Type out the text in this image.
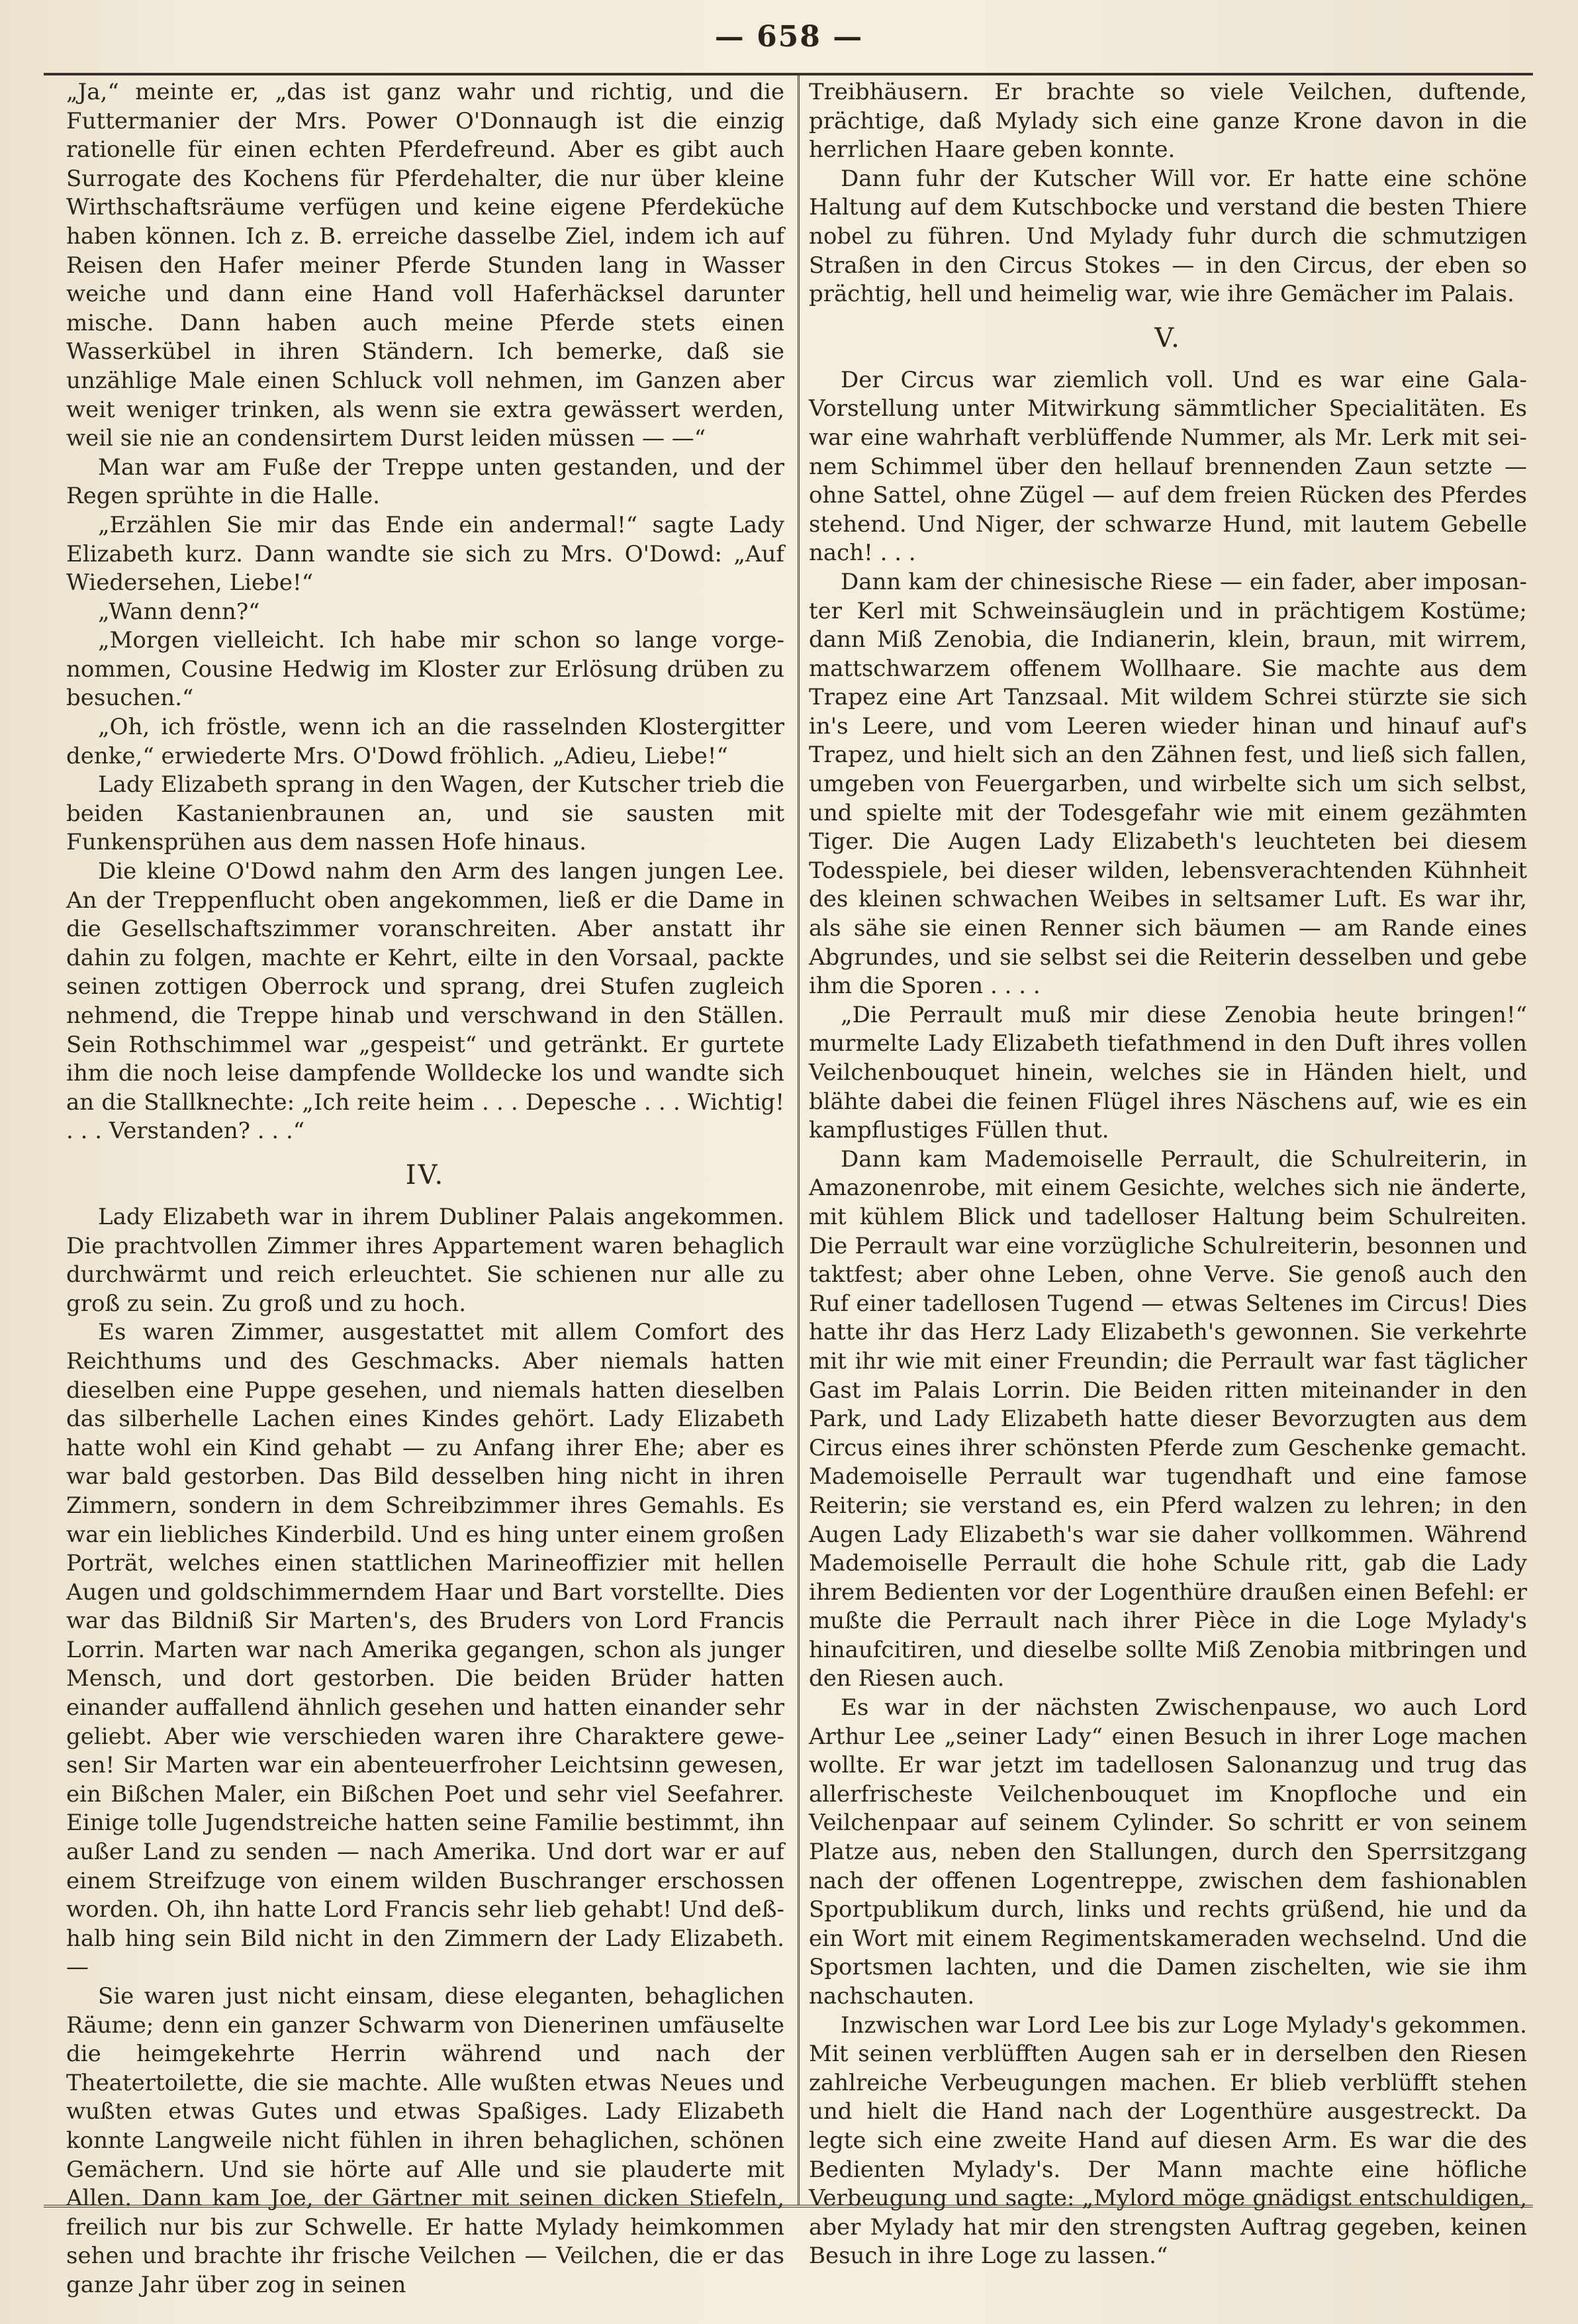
— 658 —

„Ja,“ meinte er, „das ist ganz wahr und richtig, und die Futtermanier der Mrs. Power O'Donnaugh ist die einzig rationelle für einen echten Pferdefreund. Aber es gibt auch Surrogate des Kochens für Pferdehalter, die nur über kleine Wirthschaftsräume verfügen und keine eigene Pferdeküche haben können. Ich z. B. erreiche dasselbe Ziel, indem ich auf Reisen den Hafer meiner Pferde Stunden lang in Wasser weiche und dann eine Hand voll Haferhäcksel darunter mische. Dann haben auch meine Pferde stets einen Wasserkübel in ihren Ständern. Ich bemerke, daß sie unzählige Male einen Schluck voll nehmen, im Ganzen aber weit weniger trinken, als wenn sie extra gewässert werden, weil sie nie an condensirtem Durst leiden müssen — —“

Man war am Fuße der Treppe unten gestanden, und der Regen sprühte in die Halle.

„Erzählen Sie mir das Ende ein andermal!“ sagte Lady Elizabeth kurz. Dann wandte sie sich zu Mrs. O'Dowd: „Auf Wiedersehen, Liebe!“

„Wann denn?“

„Morgen vielleicht. Ich habe mir schon so lange vorgenommen, Cousine Hedwig im Kloster zur Erlösung drüben zu besuchen.“

„Oh, ich fröstle, wenn ich an die rasselnden Klostergitter denke,“ erwiederte Mrs. O'Dowd fröhlich. „Adieu, Liebe!“

Lady Elizabeth sprang in den Wagen, der Kutscher trieb die beiden Kastanienbraunen an, und sie sausten mit Funkensprühen aus dem nassen Hofe hinaus.

Die kleine O'Dowd nahm den Arm des langen jungen Lee. An der Treppenflucht oben angekommen, ließ er die Dame in die Gesellschaftszimmer voranschreiten. Aber anstatt ihr dahin zu folgen, machte er Kehrt, eilte in den Vorsaal, packte seinen zottigen Oberrock und sprang, drei Stufen zugleich nehmend, die Treppe hinab und verschwand in den Ställen. Sein Rothschimmel war „gespeist“ und getränkt. Er gurtete ihm die noch leise dampfende Wolldecke los und wandte sich an die Stallknechte: „Ich reite heim . . . Depesche . . . Wichtig! . . . Verstanden? . . .“

IV.

Lady Elizabeth war in ihrem Dubliner Palais angekommen. Die prachtvollen Zimmer ihres Appartement waren behaglich durchwärmt und reich erleuchtet. Sie schienen nur alle zu groß zu sein. Zu groß und zu hoch.

Es waren Zimmer, ausgestattet mit allem Comfort des Reichthums und des Geschmacks. Aber niemals hatten dieselben eine Puppe gesehen, und niemals hatten dieselben das silberhelle Lachen eines Kindes gehört. Lady Elizabeth hatte wohl ein Kind gehabt — zu Anfang ihrer Ehe; aber es war bald gestorben. Das Bild desselben hing nicht in ihren Zimmern, sondern in dem Schreibzimmer ihres Gemahls. Es war ein liebliches Kinderbild. Und es hing unter einem großen Porträt, welches einen stattlichen Marineoffizier mit hellen Augen und goldschimmerndem Haar und Bart vorstellte. Dies war das Bildniß Sir Marten's, des Bruders von Lord Francis Lorrin. Marten war nach Amerika gegangen, schon als junger Mensch, und dort gestorben. Die beiden Brüder hatten einander auffallend ähnlich gesehen und hatten einander sehr geliebt. Aber wie verschieden waren ihre Charaktere gewesen! Sir Marten war ein abenteuerfroher Leichtsinn gewesen, ein Bißchen Maler, ein Bißchen Poet und sehr viel Seefahrer. Einige tolle Jugendstreiche hatten seine Familie bestimmt, ihn außer Land zu senden — nach Amerika. Und dort war er auf einem Streifzuge von einem wilden Buschranger erschossen worden. Oh, ihn hatte Lord Francis sehr lieb gehabt! Und deßhalb hing sein Bild nicht in den Zimmern der Lady Elizabeth. —

Sie waren just nicht einsam, diese eleganten, behaglichen Räume; denn ein ganzer Schwarm von Dienerinen umfäuselte die heimgekehrte Herrin während und nach der Theatertoilette, die sie machte. Alle wußten etwas Neues und wußten etwas Gutes und etwas Spaßiges. Lady Elizabeth konnte Langweile nicht fühlen in ihren behaglichen, schönen Gemächern. Und sie hörte auf Alle und sie plauderte mit Allen. Dann kam Joe, der Gärtner mit seinen dicken Stiefeln, freilich nur bis zur Schwelle. Er hatte Mylady heimkommen sehen und brachte ihr frische Veilchen — Veilchen, die er das ganze Jahr über zog in seinen

Treibhäusern. Er brachte so viele Veilchen, duftende, prächtige, daß Mylady sich eine ganze Krone davon in die herrlichen Haare geben konnte.

Dann fuhr der Kutscher Will vor. Er hatte eine schöne Haltung auf dem Kutschbocke und verstand die besten Thiere nobel zu führen. Und Mylady fuhr durch die schmutzigen Straßen in den Circus Stokes — in den Circus, der eben so prächtig, hell und heimelig war, wie ihre Gemächer im Palais.

V.

Der Circus war ziemlich voll. Und es war eine GalaVorstellung unter Mitwirkung sämmtlicher Specialitäten. Es war eine wahrhaft verblüffende Nummer, als Mr. Lerk mit seinem Schimmel über den hellauf brennenden Zaun setzte — ohne Sattel, ohne Zügel — auf dem freien Rücken des Pferdes stehend. Und Niger, der schwarze Hund, mit lautem Gebelle nach! . . .

Dann kam der chinesische Riese — ein fader, aber imposanter Kerl mit Schweinsäuglein und in prächtigem Kostüme; dann Miß Zenobia, die Indianerin, klein, braun, mit wirrem, mattschwarzem offenem Wollhaare. Sie machte aus dem Trapez eine Art Tanzsaal. Mit wildem Schrei stürzte sie sich in's Leere, und vom Leeren wieder hinan und hinauf auf's Trapez, und hielt sich an den Zähnen fest, und ließ sich fallen, umgeben von Feuergarben, und wirbelte sich um sich selbst, und spielte mit der Todesgefahr wie mit einem gezähmten Tiger. Die Augen Lady Elizabeth's leuchteten bei diesem Todesspiele, bei dieser wilden, lebensverachtenden Kühnheit des kleinen schwachen Weibes in seltsamer Luft. Es war ihr, als sähe sie einen Renner sich bäumen — am Rande eines Abgrundes, und sie selbst sei die Reiterin desselben und gebe ihm die Sporen . . . .

„Die Perrault muß mir diese Zenobia heute bringen!“ murmelte Lady Elizabeth tiefathmend in den Duft ihres vollen Veilchenbouquet hinein, welches sie in Händen hielt, und blähte dabei die feinen Flügel ihres Näschens auf, wie es ein kampflustiges Füllen thut.

Dann kam Mademoiselle Perrault, die Schulreiterin, in Amazonenrobe, mit einem Gesichte, welches sich nie änderte, mit kühlem Blick und tadelloser Haltung beim Schulreiten. Die Perrault war eine vorzügliche Schulreiterin, besonnen und taktfest; aber ohne Leben, ohne Verve. Sie genoß auch den Ruf einer tadellosen Tugend — etwas Seltenes im Circus! Dies hatte ihr das Herz Lady Elizabeth's gewonnen. Sie verkehrte mit ihr wie mit einer Freundin; die Perrault war fast täglicher Gast im Palais Lorrin. Die Beiden ritten miteinander in den Park, und Lady Elizabeth hatte dieser Bevorzugten aus dem Circus eines ihrer schönsten Pferde zum Geschenke gemacht. Mademoiselle Perrault war tugendhaft und eine famose Reiterin; sie verstand es, ein Pferd walzen zu lehren; in den Augen Lady Elizabeth's war sie daher vollkommen. Während Mademoiselle Perrault die hohe Schule ritt, gab die Lady ihrem Bedienten vor der Logenthüre draußen einen Befehl: er mußte die Perrault nach ihrer Pièce in die Loge Mylady's hinaufcitiren, und dieselbe sollte Miß Zenobia mitbringen und den Riesen auch.

Es war in der nächsten Zwischenpause, wo auch Lord Arthur Lee „seiner Lady“ einen Besuch in ihrer Loge machen wollte. Er war jetzt im tadellosen Salonanzug und trug das allerfrischeste Veilchenbouquet im Knopfloche und ein Veilchenpaar auf seinem Cylinder. So schritt er von seinem Platze aus, neben den Stallungen, durch den Sperrsitzgang nach der offenen Logentreppe, zwischen dem fashionablen Sportpublikum durch, links und rechts grüßend, hie und da ein Wort mit einem Regimentskameraden wechselnd. Und die Sportsmen lachten, und die Damen zischelten, wie sie ihm nachschauten.

Inzwischen war Lord Lee bis zur Loge Mylady's gekommen. Mit seinen verblüfften Augen sah er in derselben den Riesen zahlreiche Verbeugungen machen. Er blieb verblüfft stehen und hielt die Hand nach der Logenthüre ausgestreckt. Da legte sich eine zweite Hand auf diesen Arm. Es war die des Bedienten Mylady's. Der Mann machte eine höfliche Verbeugung und sagte: „Mylord möge gnädigst entschuldigen, aber Mylady hat mir den strengsten Auftrag gegeben, keinen Besuch in ihre Loge zu lassen.“
